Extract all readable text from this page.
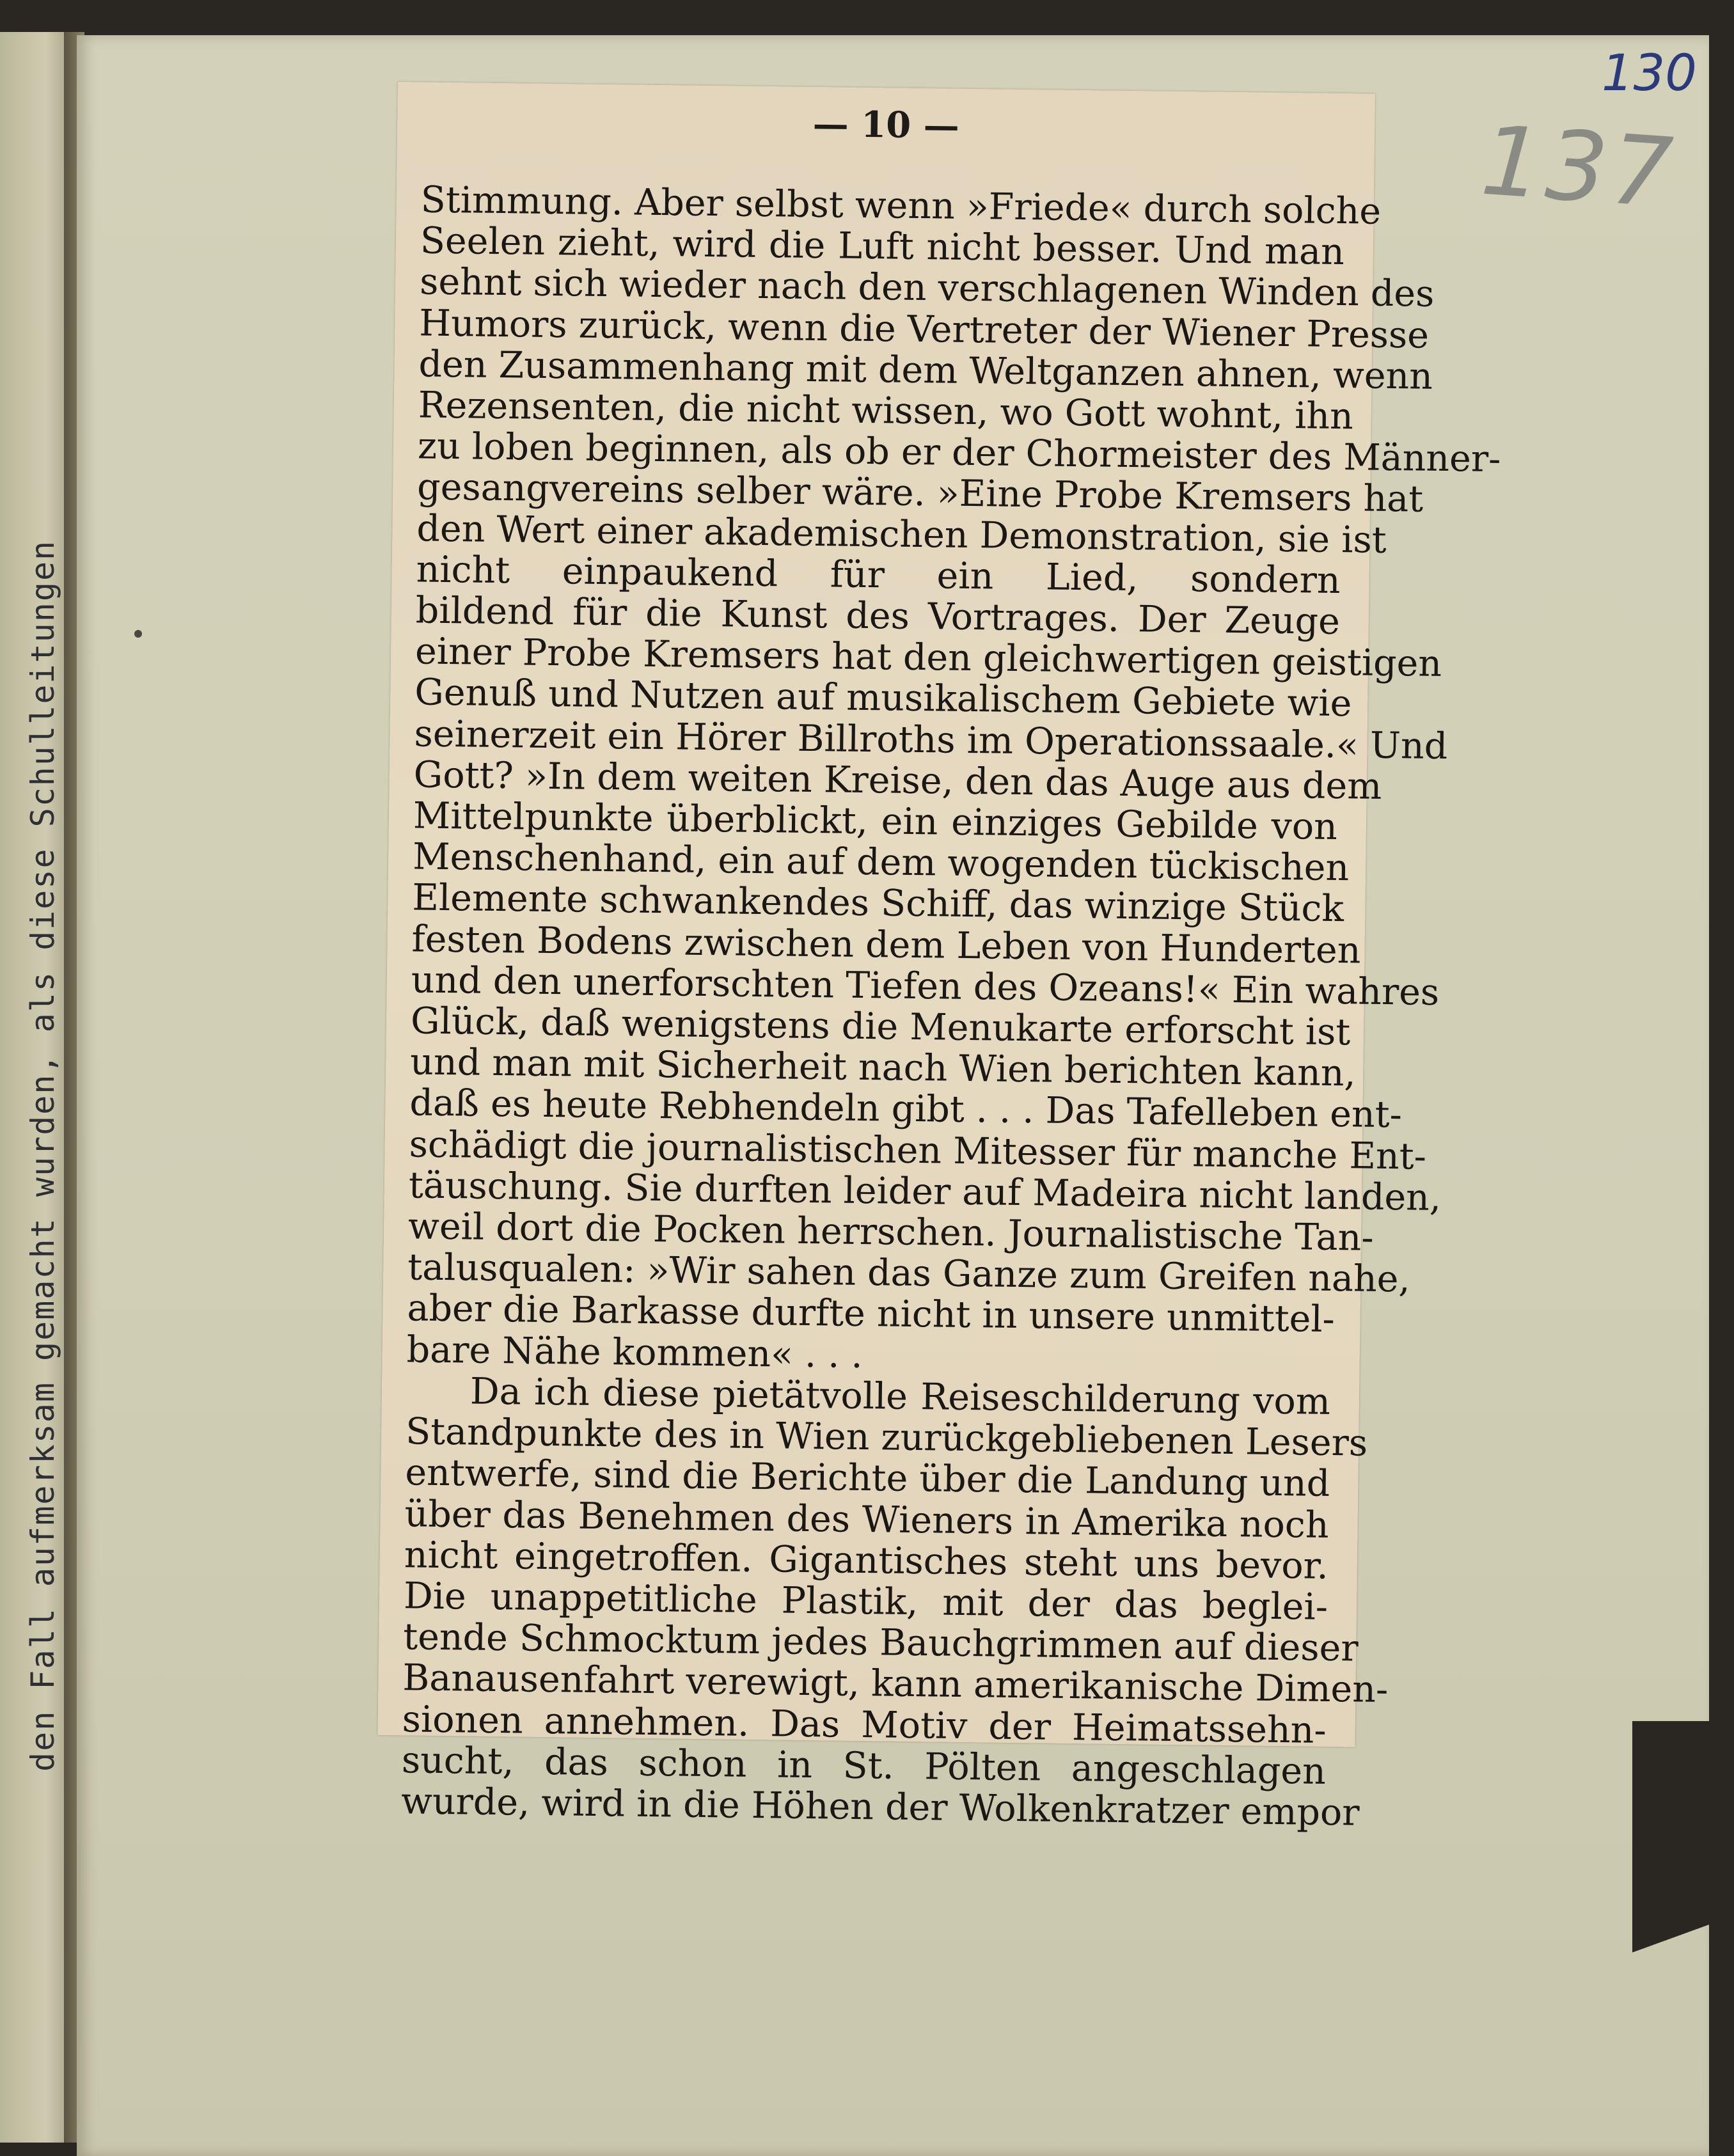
den Fall aufmerksam gemacht wurden, als diese Schulleitungen
130
137
— 10 —

Stimmung. Aber selbst wenn »Friede« durch solche
Seelen zieht, wird die Luft nicht besser. Und man
sehnt sich wieder nach den verschlagenen Winden des
Humors zurück, wenn die Vertreter der Wiener Presse
den Zusammenhang mit dem Weltganzen ahnen, wenn
Rezensenten, die nicht wissen, wo Gott wohnt, ihn
zu loben beginnen, als ob er der Chormeister des Männer-
gesangvereins selber wäre. »Eine Probe Kremsers hat
den Wert einer akademischen Demonstration, sie ist
nicht einpaukend für ein Lied, sondern
bildend für die Kunst des Vortrages. Der Zeuge
einer Probe Kremsers hat den gleichwertigen geistigen
Genuß und Nutzen auf musikalischem Gebiete wie
seinerzeit ein Hörer Billroths im Operationssaale.« Und
Gott? »In dem weiten Kreise, den das Auge aus dem
Mittelpunkte überblickt, ein einziges Gebilde von
Menschenhand, ein auf dem wogenden tückischen
Elemente schwankendes Schiff, das winzige Stück
festen Bodens zwischen dem Leben von Hunderten
und den unerforschten Tiefen des Ozeans!« Ein wahres
Glück, daß wenigstens die Menukarte erforscht ist
und man mit Sicherheit nach Wien berichten kann,
daß es heute Rebhendeln gibt . . . Das Tafelleben ent-
schädigt die journalistischen Mitesser für manche Ent-
täuschung. Sie durften leider auf Madeira nicht landen,
weil dort die Pocken herrschen. Journalistische Tan-
talusqualen: »Wir sahen das Ganze zum Greifen nahe,
aber die Barkasse durfte nicht in unsere unmittel-
bare Nähe kommen« . . .

Da ich diese pietätvolle Reiseschilderung vom
Standpunkte des in Wien zurückgebliebenen Lesers
entwerfe, sind die Berichte über die Landung und
über das Benehmen des Wieners in Amerika noch
nicht eingetroffen. Gigantisches steht uns bevor.
Die unappetitliche Plastik, mit der das beglei-
tende Schmocktum jedes Bauchgrimmen auf dieser
Banausenfahrt verewigt, kann amerikanische Dimen-
sionen annehmen. Das Motiv der Heimatssehn-
sucht, das schon in St. Pölten angeschlagen
wurde, wird in die Höhen der Wolkenkratzer empor
